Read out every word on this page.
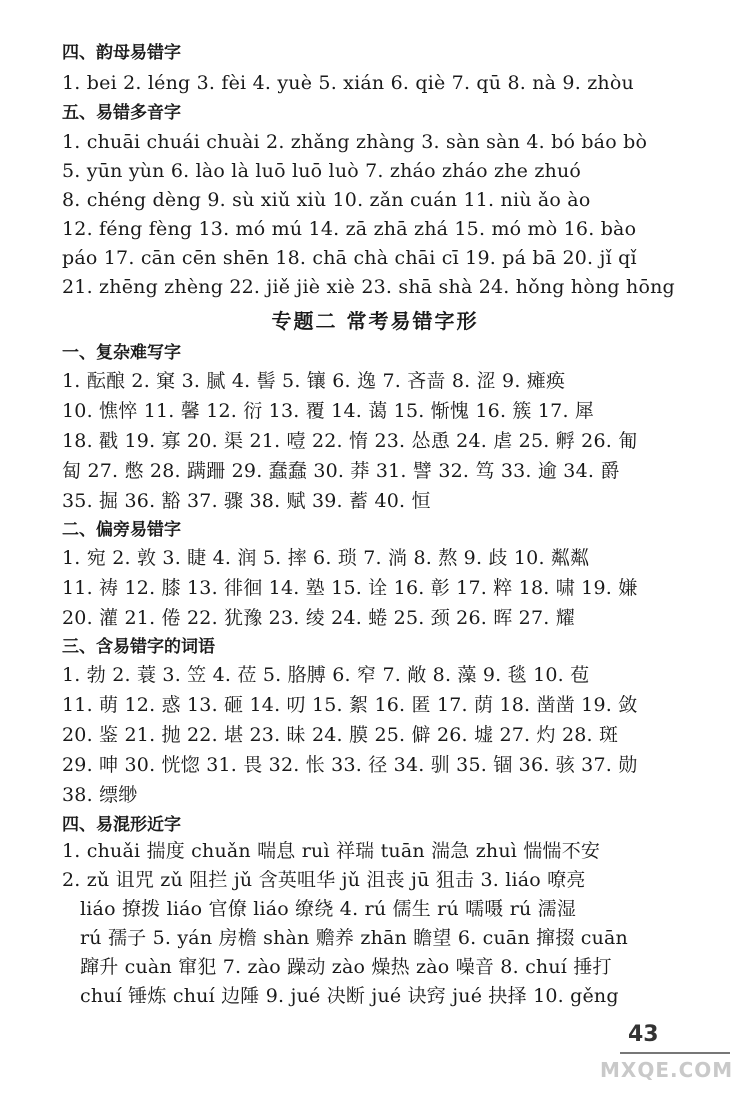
四、韵母易错字
1. bei 2. léng 3. fèi 4. yuè 5. xián 6. qiè 7. qū 8. nà 9. zhòu
五、易错多音字
1. chuāi chuái chuài 2. zhǎng zhàng 3. sàn sàn 4. bó báo bò
5. yūn yùn 6. lào là luō luō luò 7. zháo zháo zhe zhuó
8. chéng dèng 9. sù xiǔ xiù 10. zǎn cuán 11. niù ǎo ào
12. féng fèng 13. mó mú 14. zā zhā zhá 15. mó mò 16. bào
páo 17. cān cēn shēn 18. chā chà chāi cī 19. pá bā 20. jǐ qǐ
21. zhēng zhèng 22. jiě jiè xiè 23. shā shà 24. hǒng hòng hōng
专题二 常考易错字形
一、复杂难写字
1. 酝酿 2. 窠 3. 腻 4. 髻 5. 镶 6. 逸 7. 吝啬 8. 涩 9. 瘫痪
10. 憔悴 11. 馨 12. 衍 13. 覆 14. 蔼 15. 惭愧 16. 簇 17. 犀
18. 戳 19. 寡 20. 渠 21. 噎 22. 惰 23. 怂恿 24. 虐 25. 孵 26. 匍
匐 27. 憋 28. 蹒跚 29. 蠢蠢 30. 莽 31. 譬 32. 笃 33. 逾 34. 爵
35. 掘 36. 豁 37. 骤 38. 赋 39. 蓄 40. 恒
二、偏旁易错字
1. 宛 2. 敦 3. 睫 4. 润 5. 摔 6. 琐 7. 淌 8. 熬 9. 歧 10. 粼粼
11. 祷 12. 膝 13. 徘徊 14. 塾 15. 诠 16. 彰 17. 粹 18. 啸 19. 嫌
20. 灌 21. 倦 22. 犹豫 23. 绫 24. 蜷 25. 颈 26. 晖 27. 耀
三、含易错字的词语
1. 勃 2. 蓑 3. 笠 4. 莅 5. 胳膊 6. 窄 7. 敞 8. 藻 9. 毯 10. 苞
11. 萌 12. 惑 13. 砸 14. 叨 15. 絮 16. 匿 17. 荫 18. 凿凿 19. 敛
20. 鉴 21. 抛 22. 堪 23. 昧 24. 膜 25. 僻 26. 墟 27. 灼 28. 斑
29. 呻 30. 恍惚 31. 畏 32. 怅 33. 径 34. 驯 35. 锢 36. 骇 37. 勋
38. 缥缈
四、易混形近字
1. chuǎi 揣度 chuǎn 喘息 ruì 祥瑞 tuān 湍急 zhuì 惴惴不安
2. zǔ 诅咒 zǔ 阻拦 jǔ 含英咀华 jǔ 沮丧 jū 狙击 3. liáo 嘹亮
liáo 撩拨 liáo 官僚 liáo 缭绕 4. rú 儒生 rú 嚅嗫 rú 濡湿
rú 孺子 5. yán 房檐 shàn 赡养 zhān 瞻望 6. cuān 撺掇 cuān
蹿升 cuàn 窜犯 7. zào 躁动 zào 燥热 zào 噪音 8. chuí 捶打
chuí 锤炼 chuí 边陲 9. jué 决断 jué 诀窍 jué 抉择 10. gěng
43
MXQE.COM
